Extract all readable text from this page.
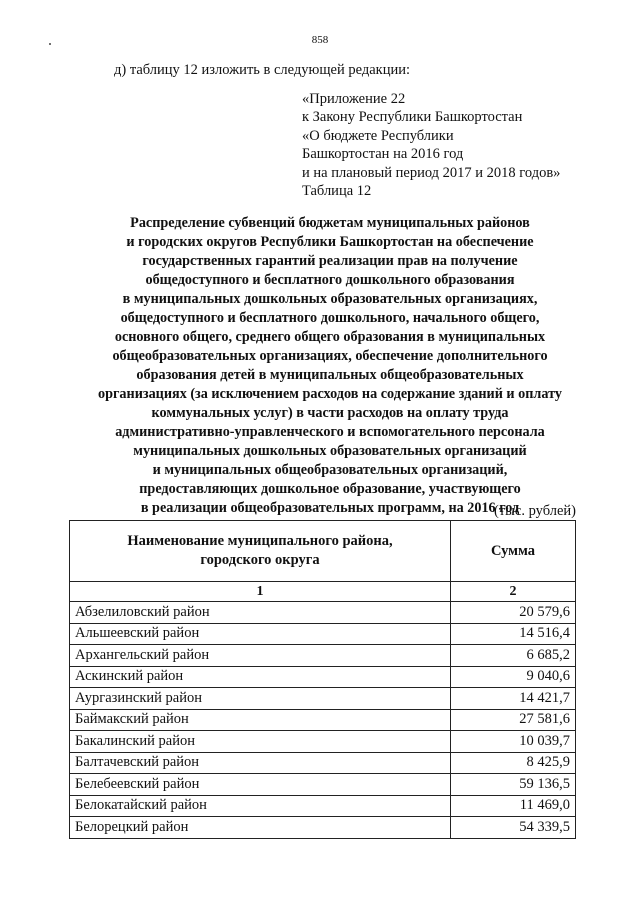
858
д) таблицу 12 изложить в следующей редакции:
«Приложение 22
к Закону Республики Башкортостан
«О бюджете Республики
Башкортостан на 2016 год
и на плановый период 2017 и 2018 годов»
Таблица 12
Распределение субвенций бюджетам муниципальных районов
и городских округов Республики Башкортостан на обеспечение
государственных гарантий реализации прав на получение
общедоступного и бесплатного дошкольного образования
в муниципальных дошкольных образовательных организациях,
общедоступного и бесплатного дошкольного, начального общего,
основного общего, среднего общего образования в муниципальных
общеобразовательных организациях, обеспечение дополнительного
образования детей в муниципальных общеобразовательных
организациях (за исключением расходов на содержание зданий и оплату
коммунальных услуг) в части расходов на оплату труда
административно-управленческого и вспомогательного персонала
муниципальных дошкольных образовательных организаций
и муниципальных общеобразовательных организаций,
предоставляющих дошкольное образование, участвующего
в реализации общеобразовательных программ, на 2016 год
(тыс. рублей)
Наименование муниципального района,
городского округа	Сумма
1	2
Абзелиловский район	20 579,6
Альшеевский район	14 516,4
Архангельский район	6 685,2
Аскинский район	9 040,6
Аургазинский район	14 421,7
Баймакский район	27 581,6
Бакалинский район	10 039,7
Балтачевский район	8 425,9
Белебеевский район	59 136,5
Белокатайский район	11 469,0
Белорецкий район	54 339,5
